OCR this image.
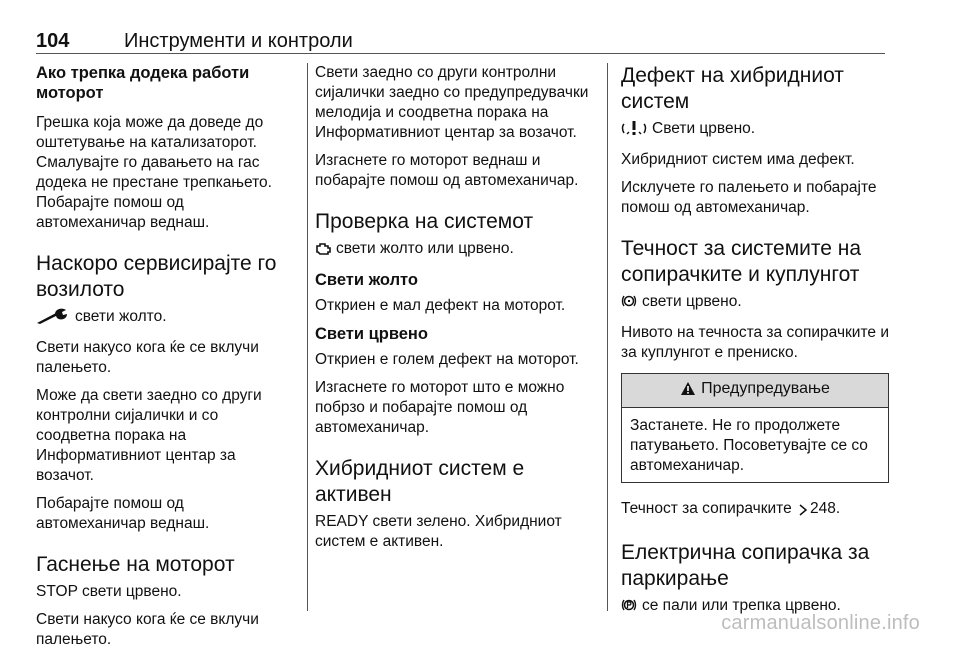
104	Инструменти и контроли
Ако трепка додека работи моторот

Грешка која може да доведе до оштетување на катализаторот. Смалувајте го давањето на гас додека не престане трепкањето. Побарајте помош од автомеханичар веднаш.

Наскоро сервисирајте го возилото

свети жолто.

Свети накусо кога ќе се вклучи палењето.

Може да свети заедно со други контролни сијалички и со соодветна порака на Информативниот центар за возачот.

Побарајте помош од автомеханичар веднаш.

Гаснење на моторот

STOP свети црвено.

Свети накусо кога ќе се вклучи палењето.

Свети заедно со други контролни сијалички заедно со предупредувачки мелодија и соодветна порака на Информативниот центар за возачот.

Изгаснете го моторот веднаш и побарајте помош од автомеханичар.

Проверка на системот

свети жолто или црвено.

Свети жолто

Откриен е мал дефект на моторот.

Свети црвено

Откриен е голем дефект на моторот.

Изгаснете го моторот што е можно побрзо и побарајте помош од автомеханичар.

Хибридниот систем е активен

READY свети зелено. Хибридниот систем е активен.

Дефект на хибридниот систем

Свети црвено.

Хибридниот систем има дефект.

Исклучете го палењето и побарајте помош од автомеханичар.

Течност за системите на сопирачките и куплунгот

свети црвено.

Нивото на течноста за сопирачките и за куплунгот е прениско.

Предупредување
Застанете. Не го продолжете патувањето. Посоветувајте се со автомеханичар.

Течност за сопирачките 248.

Електрична сопирачка за паркирање

се пали или трепка црвено.

carmanualsonline.info
